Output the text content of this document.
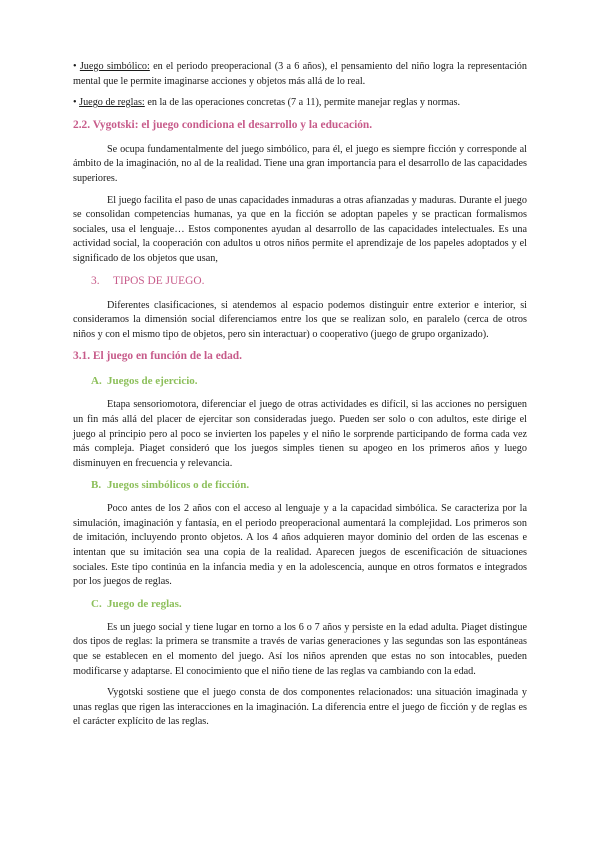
• Juego simbólico: en el periodo preoperacional (3 a 6 años), el pensamiento del niño logra la representación mental que le permite imaginarse acciones y objetos más allá de lo real.

• Juego de reglas: en la de las operaciones concretas (7 a 11), permite manejar reglas y normas.

2.2. Vygotski: el juego condiciona el desarrollo y la educación.

Se ocupa fundamentalmente del juego simbólico, para él, el juego es siempre ficción y corresponde al ámbito de la imaginación, no al de la realidad. Tiene una gran importancia para el desarrollo de las capacidades superiores.

El juego facilita el paso de unas capacidades inmaduras a otras afianzadas y maduras. Durante el juego se consolidan competencias humanas, ya que en la ficción se adoptan papeles y se practican formalismos sociales, usa el lenguaje… Estos componentes ayudan al desarrollo de las capacidades intelectuales. Es una actividad social, la cooperación con adultos u otros niños permite el aprendizaje de los papeles adoptados y el significado de los objetos que usan,

3. TIPOS DE JUEGO.

Diferentes clasificaciones, si atendemos al espacio podemos distinguir entre exterior e interior, si consideramos la dimensión social diferenciamos entre los que se realizan solo, en paralelo (cerca de otros niños y con el mismo tipo de objetos, pero sin interactuar) o cooperativo (juego de grupo organizado).

3.1. El juego en función de la edad.

A. Juegos de ejercicio.

Etapa sensoriomotora, diferenciar el juego de otras actividades es difícil, si las acciones no persiguen un fin más allá del placer de ejercitar son consideradas juego. Pueden ser solo o con adultos, este dirige el juego al principio pero al poco se invierten los papeles y el niño le sorprende participando de forma cada vez más compleja. Piaget consideró que los juegos simples tienen su apogeo en los primeros años y luego disminuyen en frecuencia y relevancia.

B. Juegos simbólicos o de ficción.

Poco antes de los 2 años con el acceso al lenguaje y a la capacidad simbólica. Se caracteriza por la simulación, imaginación y fantasía, en el periodo preoperacional aumentará la complejidad. Los primeros son de imitación, incluyendo pronto objetos. A los 4 años adquieren mayor dominio del orden de las escenas e intentan que su imitación sea una copia de la realidad. Aparecen juegos de escenificación de situaciones sociales. Este tipo continúa en la infancia media y en la adolescencia, aunque en otros formatos e integrados por los juegos de reglas.

C. Juego de reglas.

Es un juego social y tiene lugar en torno a los 6 o 7 años y persiste en la edad adulta. Piaget distingue dos tipos de reglas: la primera se transmite a través de varias generaciones y las segundas son las espontáneas que se establecen en el momento del juego. Así los niños aprenden que estas no son intocables, pueden modificarse y adaptarse. El conocimiento que el niño tiene de las reglas va cambiando con la edad.

Vygotski sostiene que el juego consta de dos componentes relacionados: una situación imaginada y unas reglas que rigen las interacciones en la imaginación. La diferencia entre el juego de ficción y de reglas es el carácter explícito de las reglas.
